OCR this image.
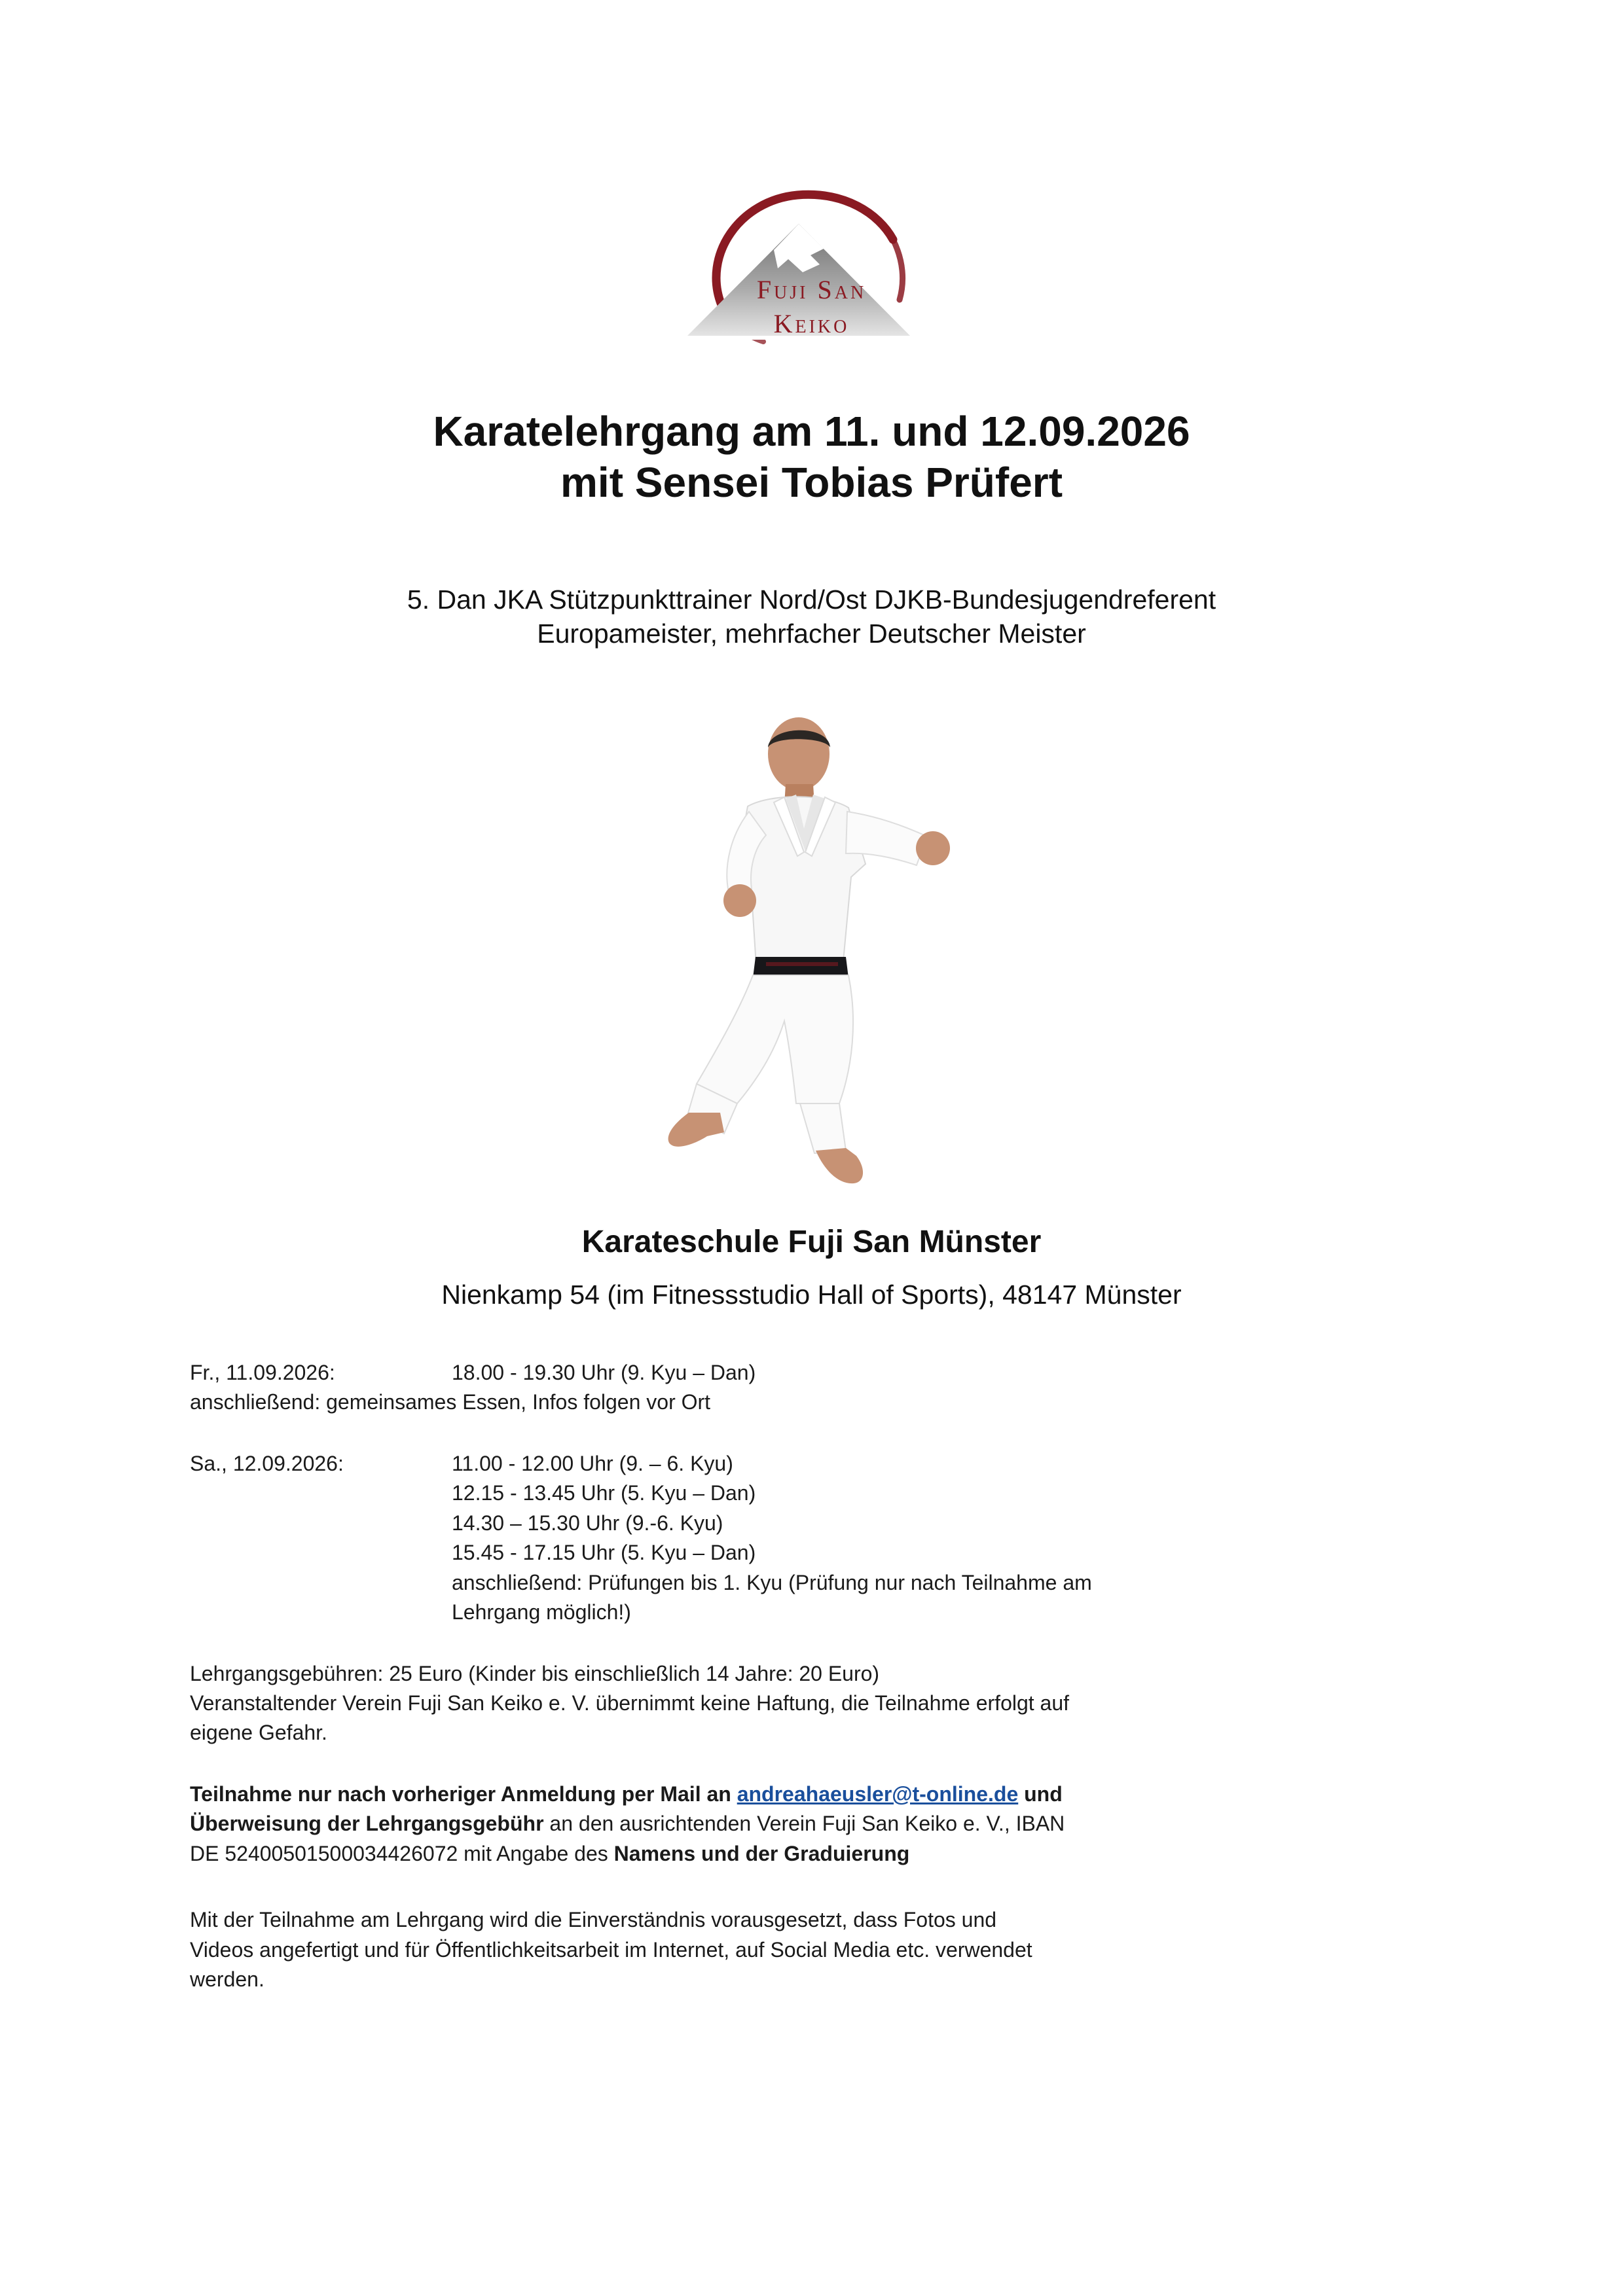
Fuji San
Keiko
Karatelehrgang am 11. und 12.09.2026
mit Sensei Tobias Prüfert
5. Dan JKA Stützpunkttrainer Nord/Ost DJKB-Bundesjugendreferent
Europameister, mehrfacher Deutscher Meister
Karateschule Fuji San Münster
Nienkamp 54 (im Fitnessstudio Hall of Sports), 48147 Münster
Fr., 11.09.2026:	18.00 - 19.30 Uhr (9. Kyu – Dan)
anschließend: gemeinsames Essen, Infos folgen vor Ort
Sa., 12.09.2026:	11.00 - 12.00 Uhr (9. – 6. Kyu)
12.15 - 13.45 Uhr (5. Kyu – Dan)
14.30 – 15.30 Uhr (9.-6. Kyu)
15.45 - 17.15 Uhr (5. Kyu – Dan)
anschließend: Prüfungen bis 1. Kyu (Prüfung nur nach Teilnahme am
Lehrgang möglich!)
Lehrgangsgebühren: 25 Euro (Kinder bis einschließlich 14 Jahre: 20 Euro)
Veranstaltender Verein Fuji San Keiko e. V. übernimmt keine Haftung, die Teilnahme erfolgt auf
eigene Gefahr.
Teilnahme nur nach vorheriger Anmeldung per Mail an andreahaeusler@t-online.de und
Überweisung der Lehrgangsgebühr an den ausrichtenden Verein Fuji San Keiko e. V., IBAN
DE 52400501500034426072 mit Angabe des Namens und der Graduierung
Mit der Teilnahme am Lehrgang wird die Einverständnis vorausgesetzt, dass Fotos und
Videos angefertigt und für Öffentlichkeitsarbeit im Internet, auf Social Media etc. verwendet
werden.
